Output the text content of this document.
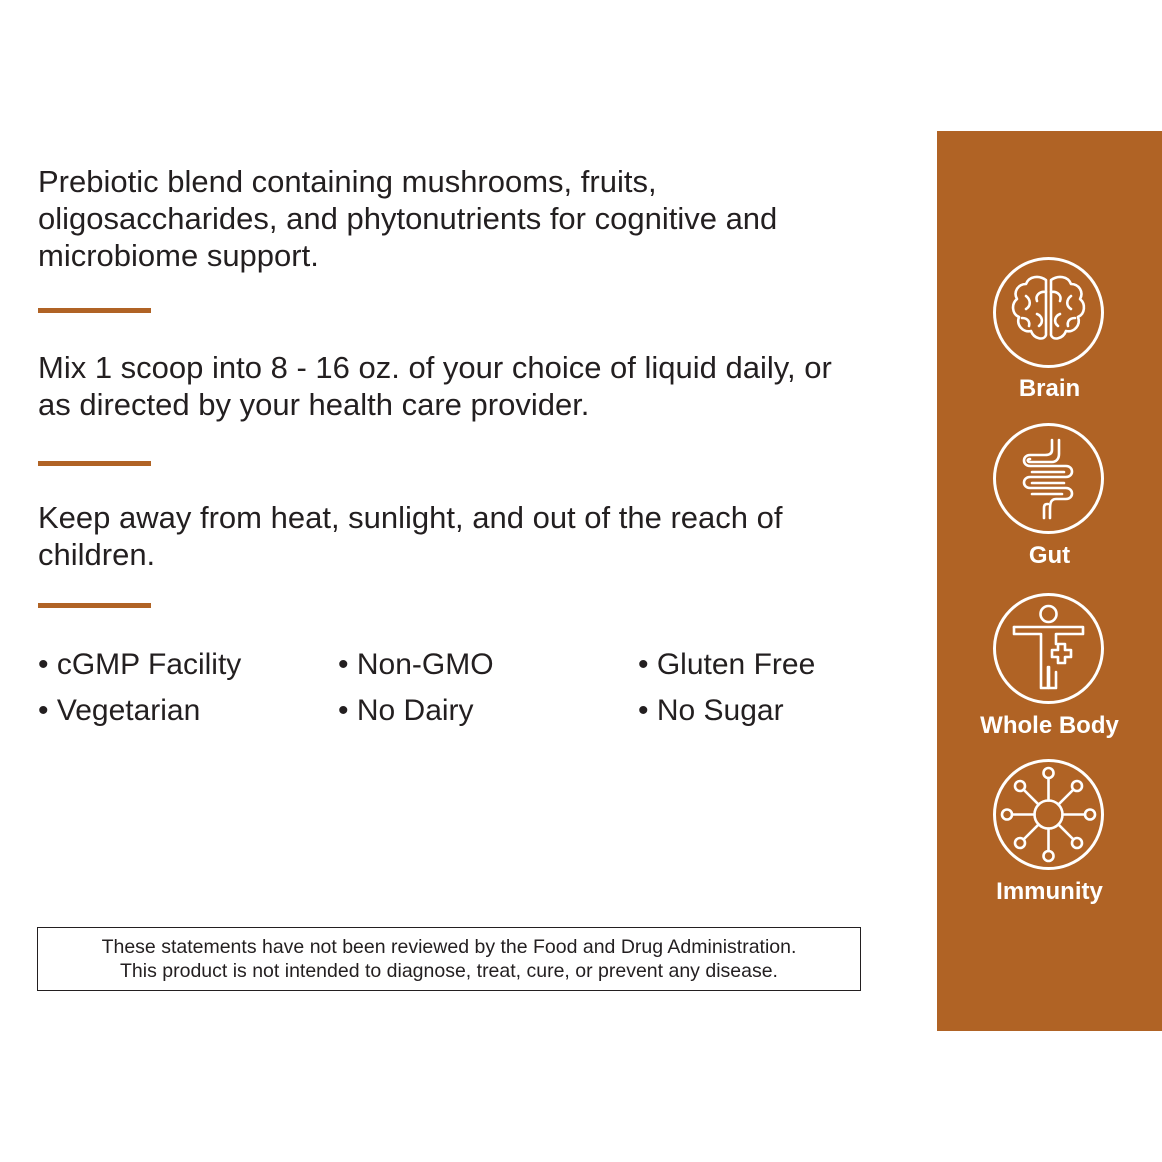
Prebiotic blend containing mushrooms, fruits, oligosaccharides, and phytonutrients for cognitive and microbiome support.

Mix 1 scoop into 8 - 16 oz. of your choice of liquid daily, or as directed by your health care provider.

Keep away from heat, sunlight, and out of the reach of children.

• cGMP Facility	• Non-GMO	• Gluten Free
• Vegetarian	• No Dairy	• No Sugar
These statements have not been reviewed by the Food and Drug Administration.
This product is not intended to diagnose, treat, cure, or prevent any disease.
Brain
Gut
Whole Body
Immunity
